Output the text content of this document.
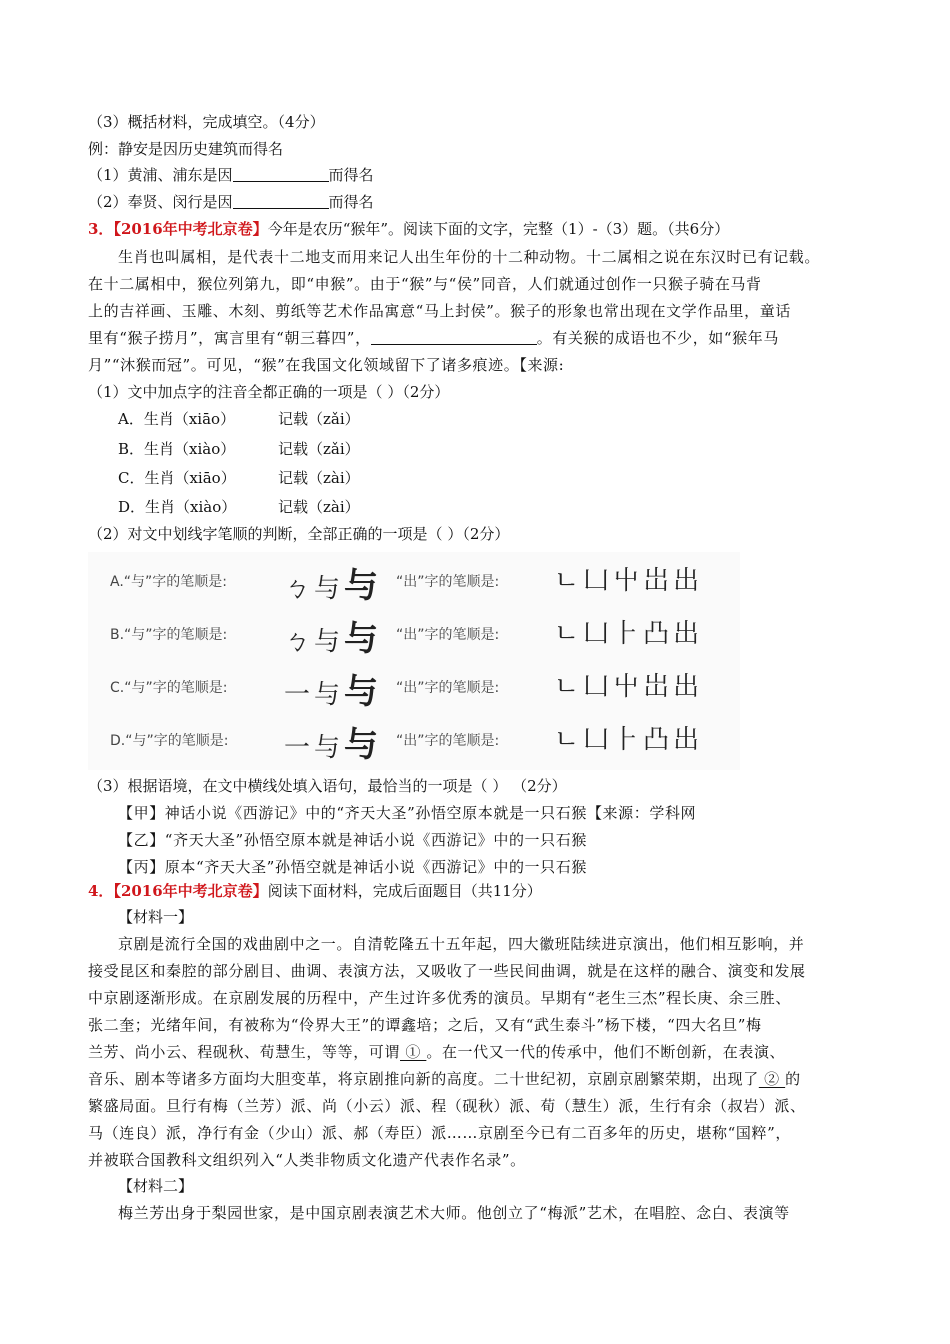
（3）概括材料，完成填空。（4分）
例：静安是因历史建筑而得名
（1）黄浦、浦东是因	而得名
（2）奉贤、闵行是因	而得名
3．【2016年中考北京卷】今年是农历“猴年”。阅读下面的文字，完整（1）-（3）题。（共6分）
生肖也叫属相，是代表十二地支而用来记人出生年份的十二种动物。十二属相之说在东汉时已有记载。
在十二属相中，猴位列第九，即“申猴”。由于“猴”与“侯”同音，人们就通过创作一只猴子骑在马背
上的吉祥画、玉雕、木刻、剪纸等艺术作品寓意“马上封侯”。猴子的形象也常出现在文学作品里，童话
里有“猴子捞月”，寓言里有“朝三暮四”，	。有关猴的成语也不少，如“猴年马
月”“沐猴而冠”。可见，“猴”在我国文化领域留下了诸多痕迹。【来源:
（1）文中加点字的注音全都正确的一项是（ ）（2分）
A．生肖（xiāo）	记载（zǎi）
B．生肖（xiào）	记载（zǎi）
C．生肖（xiāo）	记载（zài）
D．生肖（xiào）	记载（zài）
（2）对文中划线字笔顺的判断，全部正确的一项是（ ）（2分）
A.“与”字的笔顺是: ㄅ 与 与 “出”字的笔顺是: ㄴ 凵 屮 岀 出
B.“与”字的笔顺是: ㄅ 与 与 “出”字的笔顺是: ㄴ 凵 ⺊ 凸 出
C.“与”字的笔顺是: 一 与 与 “出”字的笔顺是: ㄴ 凵 屮 岀 出
D.“与”字的笔顺是: 一 与 与 “出”字的笔顺是: ㄴ 凵 ⺊ 凸 出
（3）根据语境，在文中横线处填入语句，最恰当的一项是（ ） （2分）
【甲】神话小说《西游记》中的“齐天大圣”孙悟空原本就是一只石猴【来源：学科网
【乙】“齐天大圣”孙悟空原本就是神话小说《西游记》中的一只石猴
【丙】原本“齐天大圣”孙悟空就是神话小说《西游记》中的一只石猴
4．【2016年中考北京卷】阅读下面材料，完成后面题目（共11分）
【材料一】
京剧是流行全国的戏曲剧中之一。自清乾隆五十五年起，四大徽班陆续进京演出，他们相互影响，并
接受昆区和秦腔的部分剧目、曲调、表演方法，又吸收了一些民间曲调，就是在这样的融合、演变和发展
中京剧逐渐形成。在京剧发展的历程中，产生过许多优秀的演员。早期有“老生三杰”程长庚、余三胜、
张二奎；光绪年间，有被称为“伶界大王”的谭鑫培；之后，又有“武生泰斗”杨下楼，“四大名旦”梅
兰芳、尚小云、程砚秋、荀慧生，等等，可谓 ① 。在一代又一代的传承中，他们不断创新，在表演、
音乐、剧本等诸多方面均大胆变革，将京剧推向新的高度。二十世纪初，京剧京剧繁荣期，出现了 ② 的
繁盛局面。旦行有梅（兰芳）派、尚（小云）派、程（砚秋）派、荀（慧生）派，生行有余（叔岩）派、
马（连良）派，净行有金（少山）派、郝（寿臣）派……京剧至今已有二百多年的历史，堪称“国粹”，
并被联合国教科文组织列入“人类非物质文化遗产代表作名录”。
【材料二】
梅兰芳出身于梨园世家，是中国京剧表演艺术大师。他创立了“梅派”艺术，在唱腔、念白、表演等
